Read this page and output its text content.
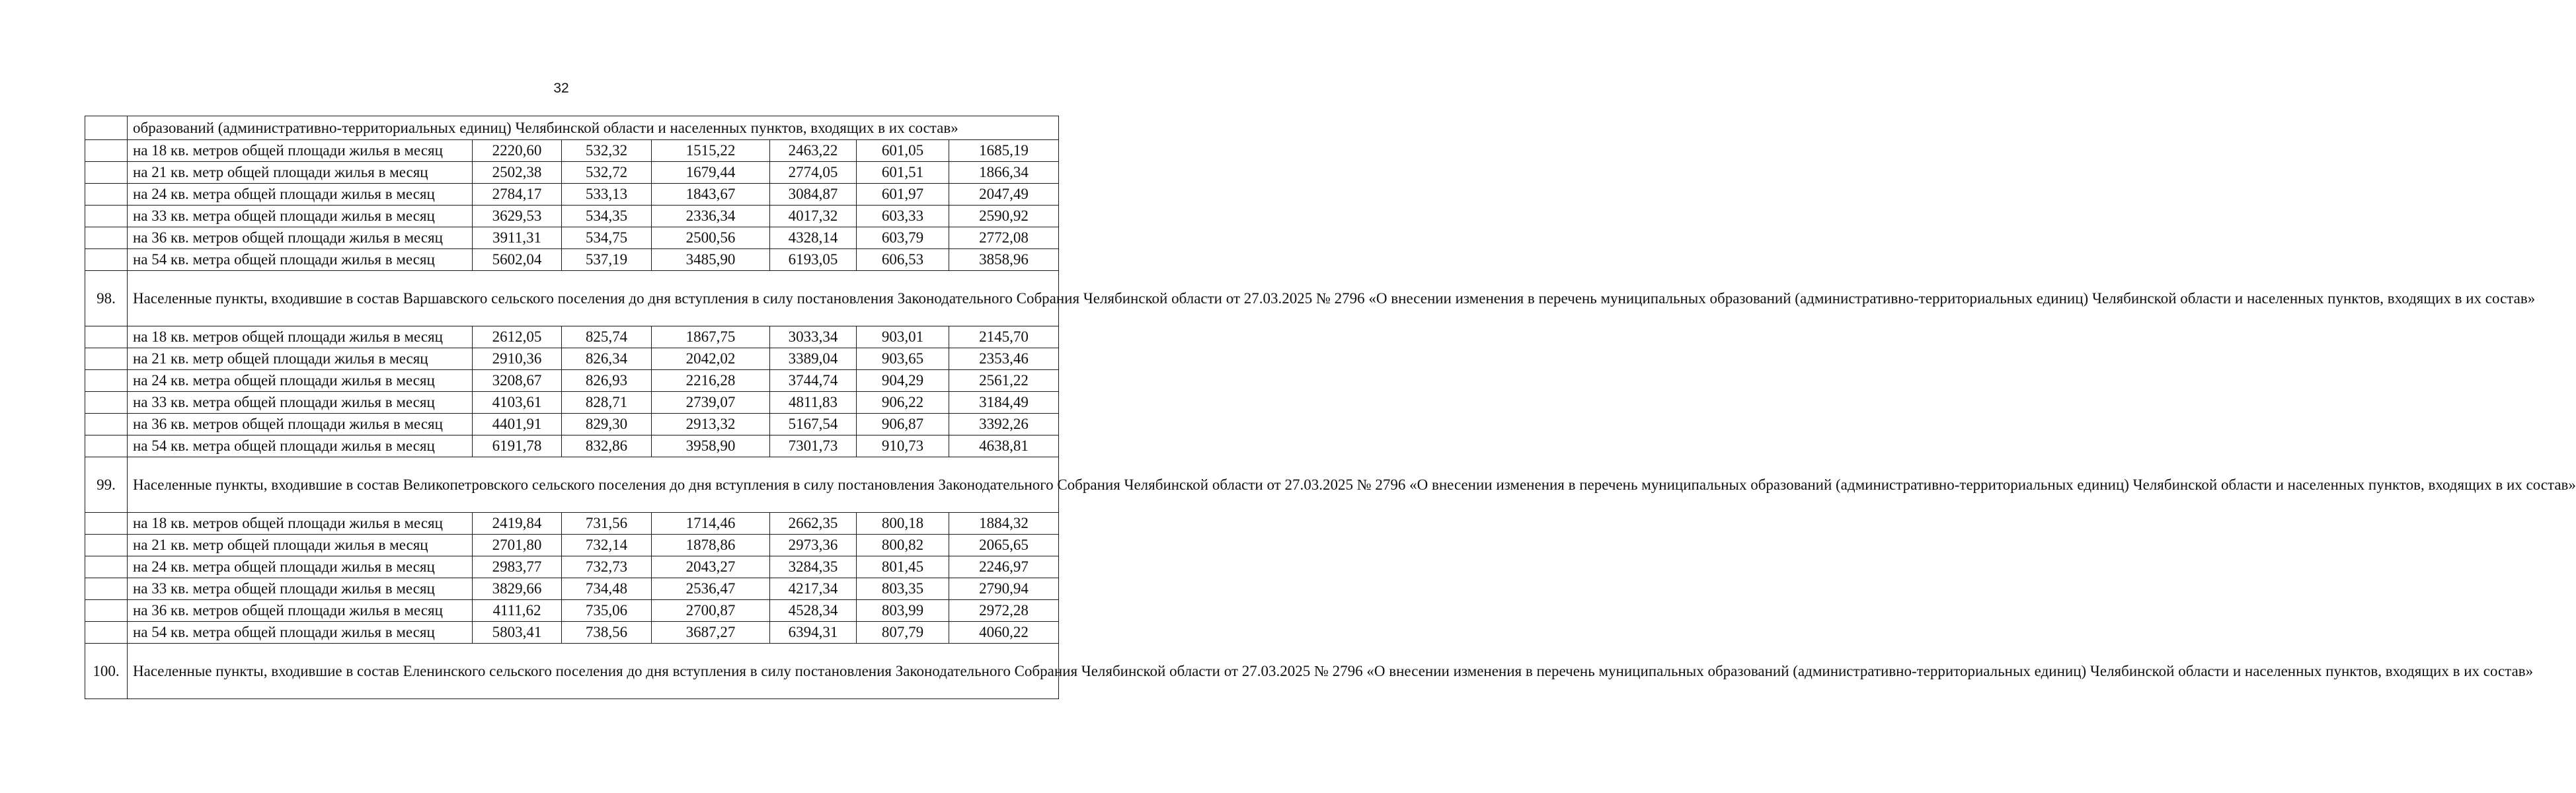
32
	образований (административно-территориальных единиц) Челябинской области и населенных пунктов, входящих в их состав»						
	на 18 кв. метров общей площади жилья в месяц	2220,60	532,32	1515,22	2463,22	601,05	1685,19
	на 21 кв. метр общей площади жилья в месяц	2502,38	532,72	1679,44	2774,05	601,51	1866,34
	на 24 кв. метра общей площади жилья в месяц	2784,17	533,13	1843,67	3084,87	601,97	2047,49
	на 33 кв. метра общей площади жилья в месяц	3629,53	534,35	2336,34	4017,32	603,33	2590,92
	на 36 кв. метров общей площади жилья в месяц	3911,31	534,75	2500,56	4328,14	603,79	2772,08
	на 54 кв. метра общей площади жилья в месяц	5602,04	537,19	3485,90	6193,05	606,53	3858,96
98.	Населенные пункты, входившие в состав Варшавского сельского поселения до дня вступления в силу постановления Законодательного Собрания Челябинской области от 27.03.2025 № 2796 «О внесении изменения в перечень муниципальных образований (административно-территориальных единиц) Челябинской области и населенных пунктов, входящих в их состав»						
	на 18 кв. метров общей площади жилья в месяц	2612,05	825,74	1867,75	3033,34	903,01	2145,70
	на 21 кв. метр общей площади жилья в месяц	2910,36	826,34	2042,02	3389,04	903,65	2353,46
	на 24 кв. метра общей площади жилья в месяц	3208,67	826,93	2216,28	3744,74	904,29	2561,22
	на 33 кв. метра общей площади жилья в месяц	4103,61	828,71	2739,07	4811,83	906,22	3184,49
	на 36 кв. метров общей площади жилья в месяц	4401,91	829,30	2913,32	5167,54	906,87	3392,26
	на 54 кв. метра общей площади жилья в месяц	6191,78	832,86	3958,90	7301,73	910,73	4638,81
99.	Населенные пункты, входившие в состав Великопетровского сельского поселения до дня вступления в силу постановления Законодательного Собрания Челябинской области от 27.03.2025 № 2796 «О внесении изменения в перечень муниципальных образований (административно-территориальных единиц) Челябинской области и населенных пунктов, входящих в их состав»						
	на 18 кв. метров общей площади жилья в месяц	2419,84	731,56	1714,46	2662,35	800,18	1884,32
	на 21 кв. метр общей площади жилья в месяц	2701,80	732,14	1878,86	2973,36	800,82	2065,65
	на 24 кв. метра общей площади жилья в месяц	2983,77	732,73	2043,27	3284,35	801,45	2246,97
	на 33 кв. метра общей площади жилья в месяц	3829,66	734,48	2536,47	4217,34	803,35	2790,94
	на 36 кв. метров общей площади жилья в месяц	4111,62	735,06	2700,87	4528,34	803,99	2972,28
	на 54 кв. метра общей площади жилья в месяц	5803,41	738,56	3687,27	6394,31	807,79	4060,22
100.	Населенные пункты, входившие в состав Еленинского сельского поселения до дня вступления в силу постановления Законодательного Собрания Челябинской области от 27.03.2025 № 2796 «О внесении изменения в перечень муниципальных образований (административно-территориальных единиц) Челябинской области и населенных пунктов, входящих в их состав»						
